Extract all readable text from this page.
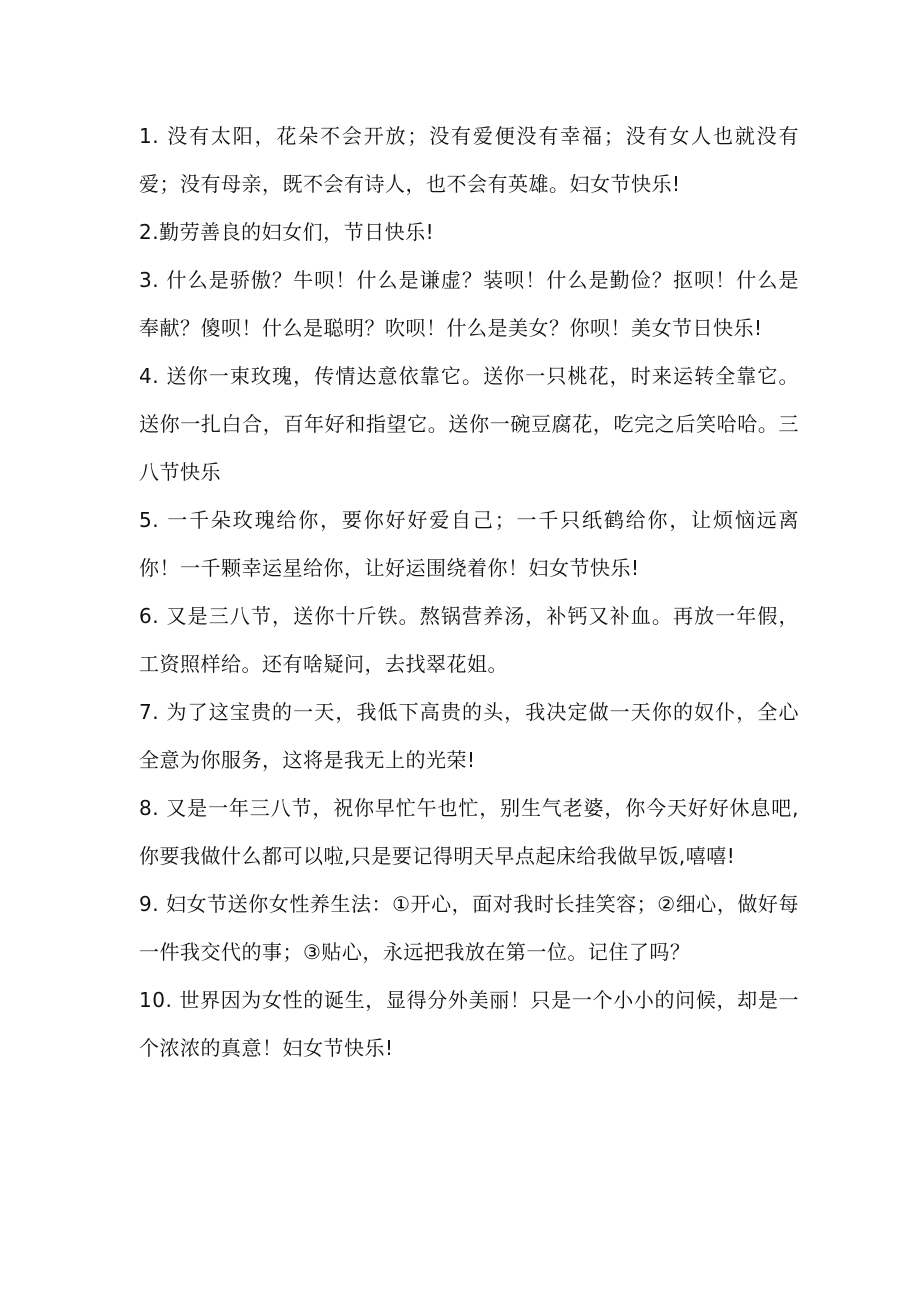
1. 没有太阳，花朵不会开放；没有爱便没有幸福；没有女人也就没有爱；没有母亲，既不会有诗人，也不会有英雄。妇女节快乐!

2.勤劳善良的妇女们，节日快乐!

3. 什么是骄傲？牛呗！什么是谦虚？装呗！什么是勤俭？抠呗！什么是奉献？傻呗！什么是聪明？吹呗！什么是美女？你呗！美女节日快乐!

4. 送你一束玫瑰，传情达意依靠它。送你一只桃花，时来运转全靠它。送你一扎白合，百年好和指望它。送你一碗豆腐花，吃完之后笑哈哈。三八节快乐

5. 一千朵玫瑰给你，要你好好爱自己；一千只纸鹤给你，让烦恼远离你！一千颗幸运星给你，让好运围绕着你！妇女节快乐!

6. 又是三八节，送你十斤铁。熬锅营养汤，补钙又补血。再放一年假，工资照样给。还有啥疑问，去找翠花姐。

7. 为了这宝贵的一天，我低下高贵的头，我决定做一天你的奴仆，全心全意为你服务，这将是我无上的光荣!

8. 又是一年三八节，祝你早忙午也忙，别生气老婆，你今天好好休息吧,你要我做什么都可以啦,只是要记得明天早点起床给我做早饭,嘻嘻!

9. 妇女节送你女性养生法：①开心，面对我时长挂笑容；②细心，做好每一件我交代的事；③贴心，永远把我放在第一位。记住了吗？

10. 世界因为女性的诞生，显得分外美丽！只是一个小小的问候，却是一个浓浓的真意！妇女节快乐!
